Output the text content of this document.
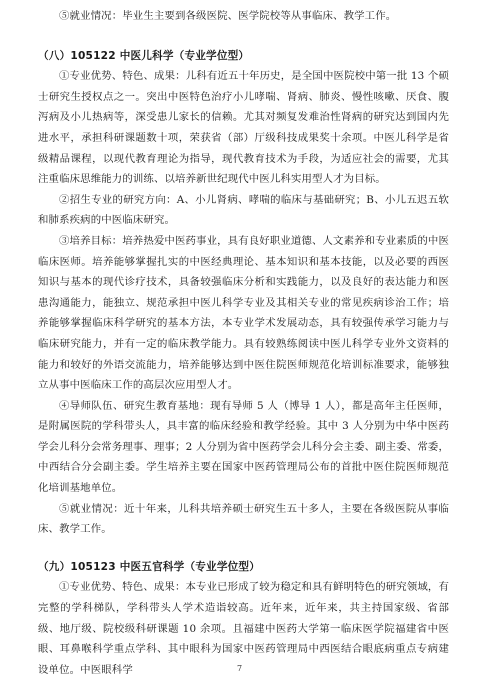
⑤就业情况：毕业生主要到各级医院、医学院校等从事临床、教学工作。

（八）105122 中医儿科学（专业学位型）

①专业优势、特色、成果：儿科有近五十年历史，是全国中医院校中第一批 13 个硕士研究生授权点之一。突出中医特色治疗小儿哮喘、肾病、肺炎、慢性咳嗽、厌食、腹泻病及小儿热病等，深受患儿家长的信赖。尤其对频复发难治性肾病的研究达到国内先进水平，承担科研课题数十项，荣获省（部）厅级科技成果奖十余项。中医儿科学是省级精品课程，以现代教育理论为指导，现代教育技术为手段，为适应社会的需要，尤其注重临床思维能力的训练、以培养新世纪现代中医儿科实用型人才为目标。

②招生专业的研究方向：A、小儿肾病、哮喘的临床与基础研究；B、小儿五迟五软和肺系疾病的中医临床研究。

③培养目标：培养热爱中医药事业，具有良好职业道德、人文素养和专业素质的中医临床医师。培养能够掌握扎实的中医经典理论、基本知识和基本技能，以及必要的西医知识与基本的现代诊疗技术，具备较强临床分析和实践能力，以及良好的表达能力和医患沟通能力，能独立、规范承担中医儿科学专业及其相关专业的常见疾病诊治工作；培养能够掌握临床科学研究的基本方法，本专业学术发展动态，具有较强传承学习能力与临床研究能力，并有一定的临床教学能力。具有较熟练阅读中医儿科学专业外文资料的能力和较好的外语交流能力，培养能够达到中医住院医师规范化培训标准要求，能够独立从事中医临床工作的高层次应用型人才。

④导师队伍、研究生教育基地：现有导师 5 人（博导 1 人），都是高年主任医师，是附属医院的学科带头人，具丰富的临床经验和教学经验。其中 3 人分别为中华中医药学会儿科分会常务理事、理事；2 人分别为省中医药学会儿科分会主委、副主委、常委，中西结合分会副主委。学生培养主要在国家中医药管理局公布的首批中医住院医师规范化培训基地单位。

⑤就业情况：近十年来，儿科共培养硕士研究生五十多人，主要在各级医院从事临床、教学工作。

（九）105123 中医五官科学（专业学位型）

①专业优势、特色、成果：本专业已形成了较为稳定和具有鲜明特色的研究领域，有完整的学科梯队，学科带头人学术造诣较高。近年来，近年来，共主持国家级、省部级、地厅级、院校级科研课题 10 余项。且福建中医药大学第一临床医学院福建省中医眼、耳鼻喉科学重点学科、其中眼科为国家中医药管理局中西医结合眼底病重点专病建设单位。中医眼科学	7
